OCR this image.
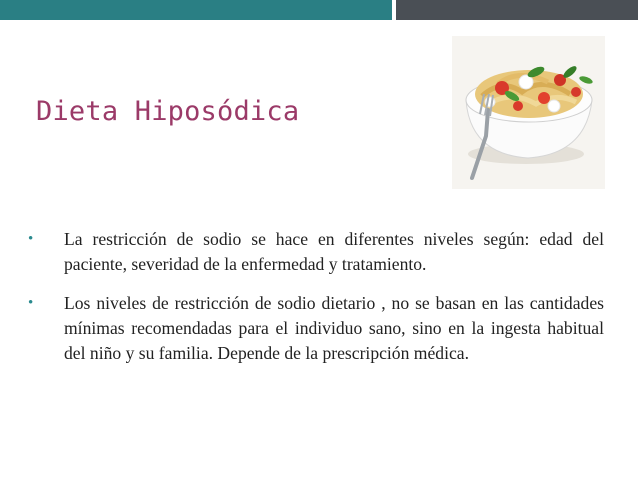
Dieta Hiposódica
• La restricción de sodio se hace en diferentes niveles según: edad del paciente, severidad de la enfermedad y tratamiento.
• Los niveles de restricción de sodio dietario , no se basan en las cantidades mínimas recomendadas para el individuo sano, sino en la ingesta habitual del niño y su familia. Depende de la prescripción médica.
